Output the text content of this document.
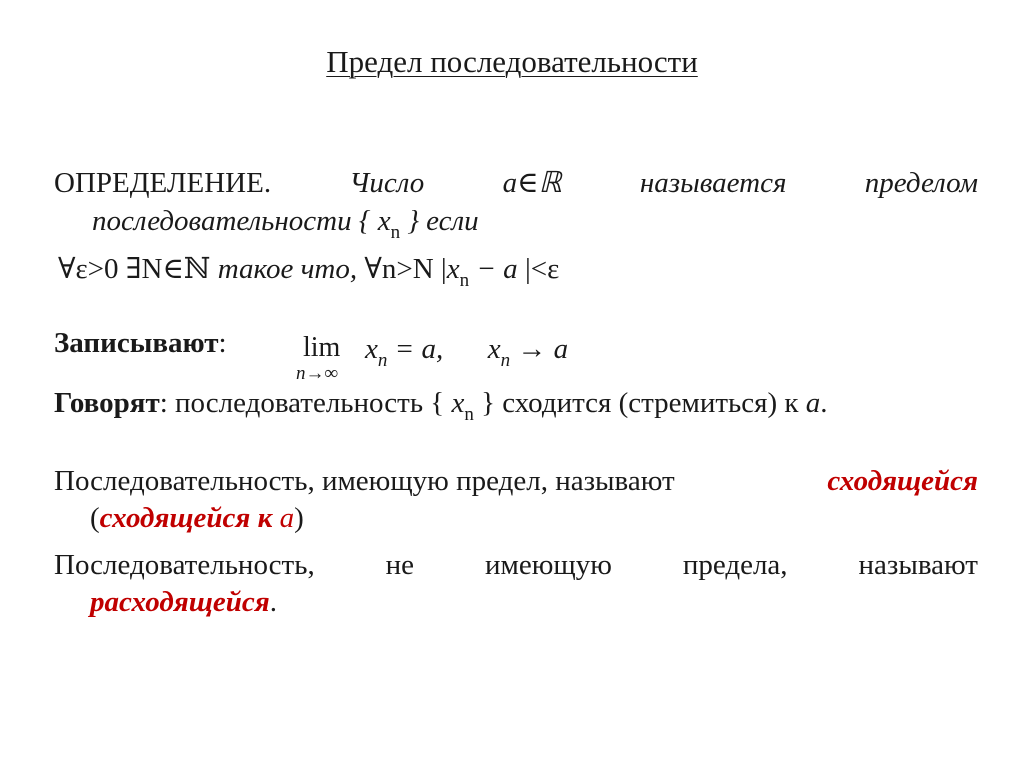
Предел последовательности
ОПРЕДЕЛЕНИЕ.	Число	a∈ℝ	называется	пределом
последовательности { $x_n$ } если
∀ε>0 ∃N∈ℕ такое что, ∀n>N $|x_n - a$ |<ε
Записывают:	lim
n→∞
$x_n = a$, $x_n \to a$
Говорят: последовательность { $x_n$ } сходится (стремиться) к a.
Последовательность, имеющую предел, называют	сходящейся
(сходящейся к a)
Последовательность, не имеющую предела, называют
расходящейся.
